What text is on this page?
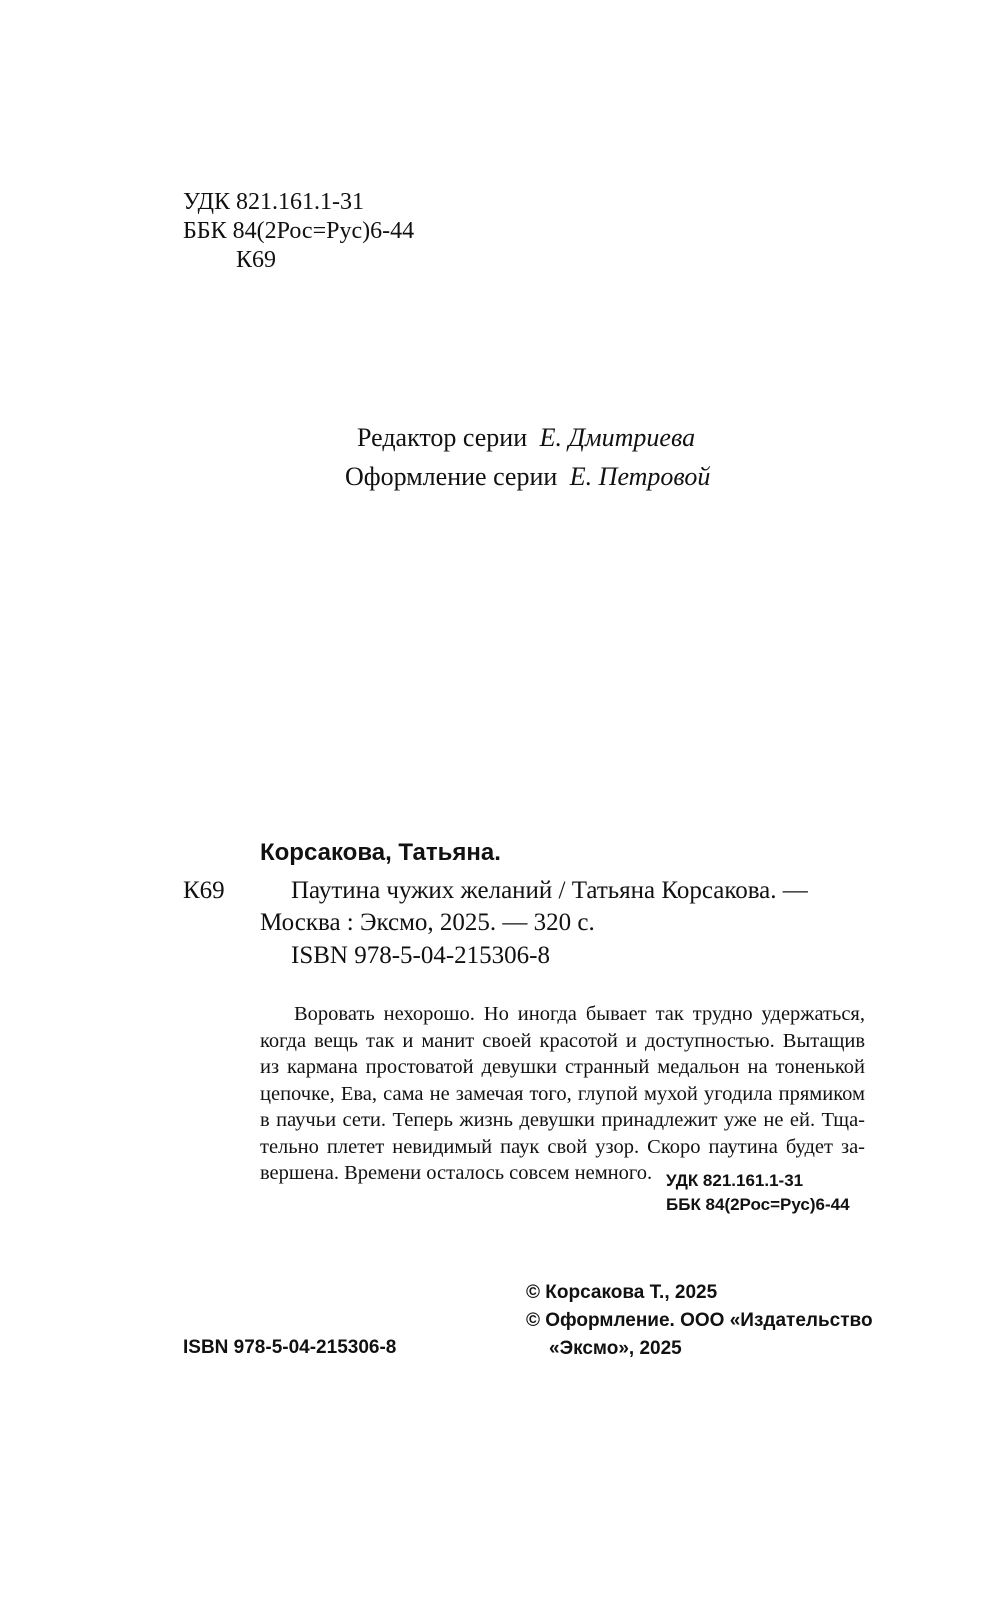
УДК 821.161.1-31
ББК 84(2Рос=Рус)6-44
К69
Редактор серии Е. Дмитриева
Оформление серии Е. Петровой
Корсакова, Татьяна.
К69	Паутина чужих желаний / Татьяна Корсакова. —
Москва : Эксмо, 2025. — 320 с.
ISBN 978-5-04-215306-8
Воровать нехорошо. Но иногда бывает так трудно удержаться,
когда вещь так и манит своей красотой и доступностью. Вытащив
из кармана простоватой девушки странный медальон на тоненькой
цепочке, Ева, сама не замечая того, глупой мухой угодила прямиком
в паучьи сети. Теперь жизнь девушки принадлежит уже не ей. Тща-
тельно плетет невидимый паук свой узор. Скоро паутина будет за-
вершена. Времени осталось совсем немного. УДК 821.161.1-31
ББК 84(2Рос=Рус)6-44
ISBN 978-5-04-215306-8
© Корсакова Т., 2025
© Оформление. ООО «Издательство
«Эксмо», 2025
